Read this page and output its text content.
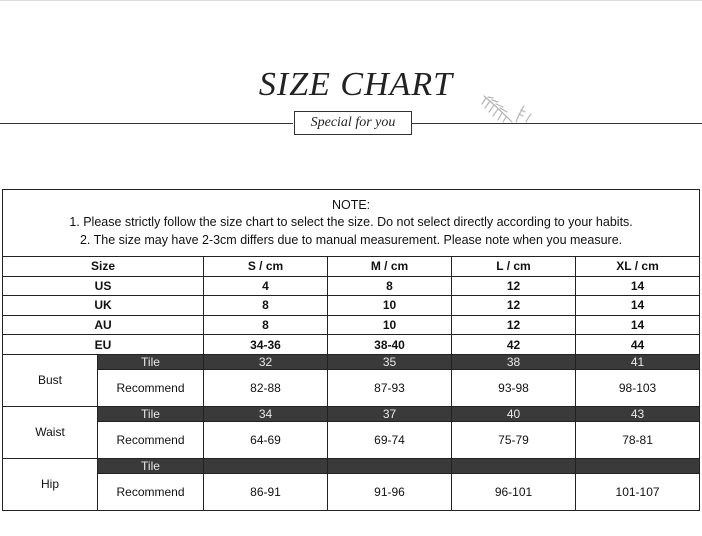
SIZE CHART
Special for you
NOTE:
1. Please strictly follow the size chart to select the size. Do not select directly according to your habits.
2. The size may have 2-3cm differs due to manual measurement. Please note when you measure.					

Size		S / cm	M / cm	L / cm	XL / cm
US		4	8	12	14
UK		8	10	12	14
AU		8	10	12	14
EU		34-36	38-40	42	44
Bust	Tile	32	35	38	41
	Recommend	82-88	87-93	93-98	98-103
Waist	Tile	34	37	40	43
	Recommend	64-69	69-74	75-79	78-81
Hip	Tile				
	Recommend	86-91	91-96	96-101	101-107
